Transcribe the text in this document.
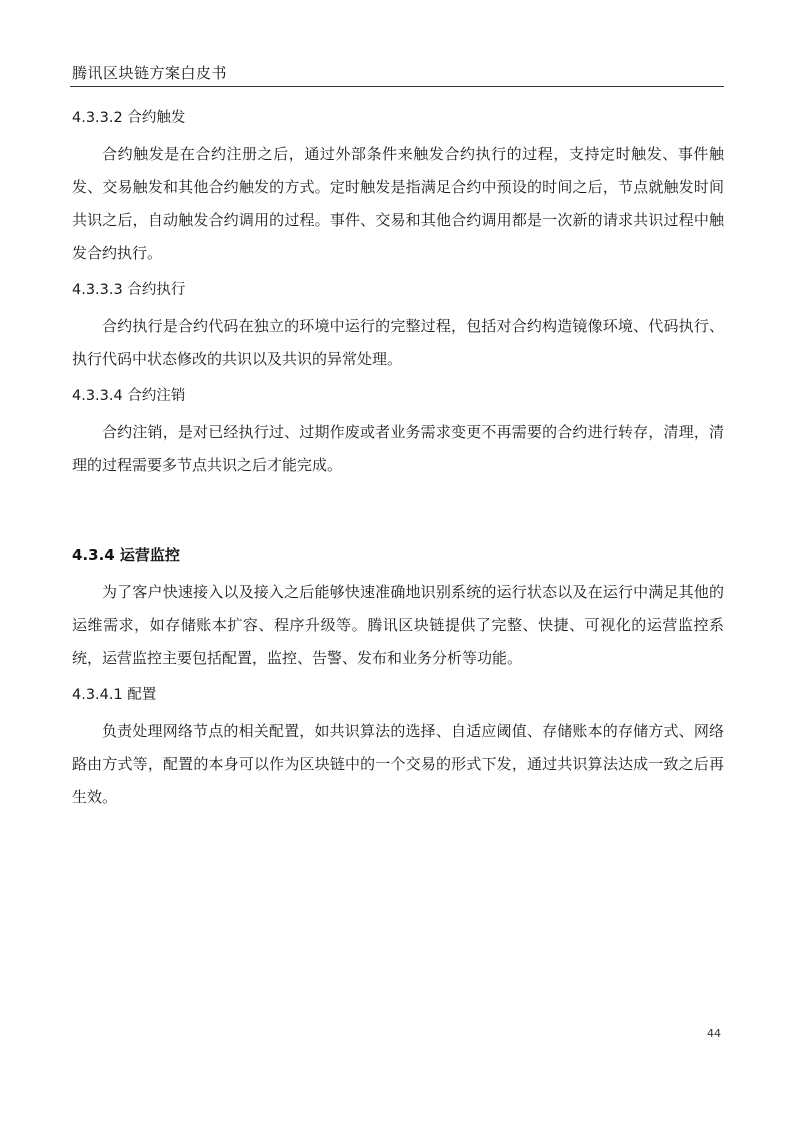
腾讯区块链方案白皮书

4.3.3.2 合约触发

合约触发是在合约注册之后，通过外部条件来触发合约执行的过程，支持定时触发、事件触发、交易触发和其他合约触发的方式。定时触发是指满足合约中预设的时间之后，节点就触发时间共识之后，自动触发合约调用的过程。事件、交易和其他合约调用都是一次新的请求共识过程中触发合约执行。

4.3.3.3 合约执行

合约执行是合约代码在独立的环境中运行的完整过程，包括对合约构造镜像环境、代码执行、执行代码中状态修改的共识以及共识的异常处理。

4.3.3.4 合约注销

合约注销，是对已经执行过、过期作废或者业务需求变更不再需要的合约进行转存，清理，清理的过程需要多节点共识之后才能完成。

4.3.4 运营监控

为了客户快速接入以及接入之后能够快速准确地识别系统的运行状态以及在运行中满足其他的运维需求，如存储账本扩容、程序升级等。腾讯区块链提供了完整、快捷、可视化的运营监控系统，运营监控主要包括配置，监控、告警、发布和业务分析等功能。

4.3.4.1 配置

负责处理网络节点的相关配置，如共识算法的选择、自适应阈值、存储账本的存储方式、网络路由方式等，配置的本身可以作为区块链中的一个交易的形式下发，通过共识算法达成一致之后再生效。

44
